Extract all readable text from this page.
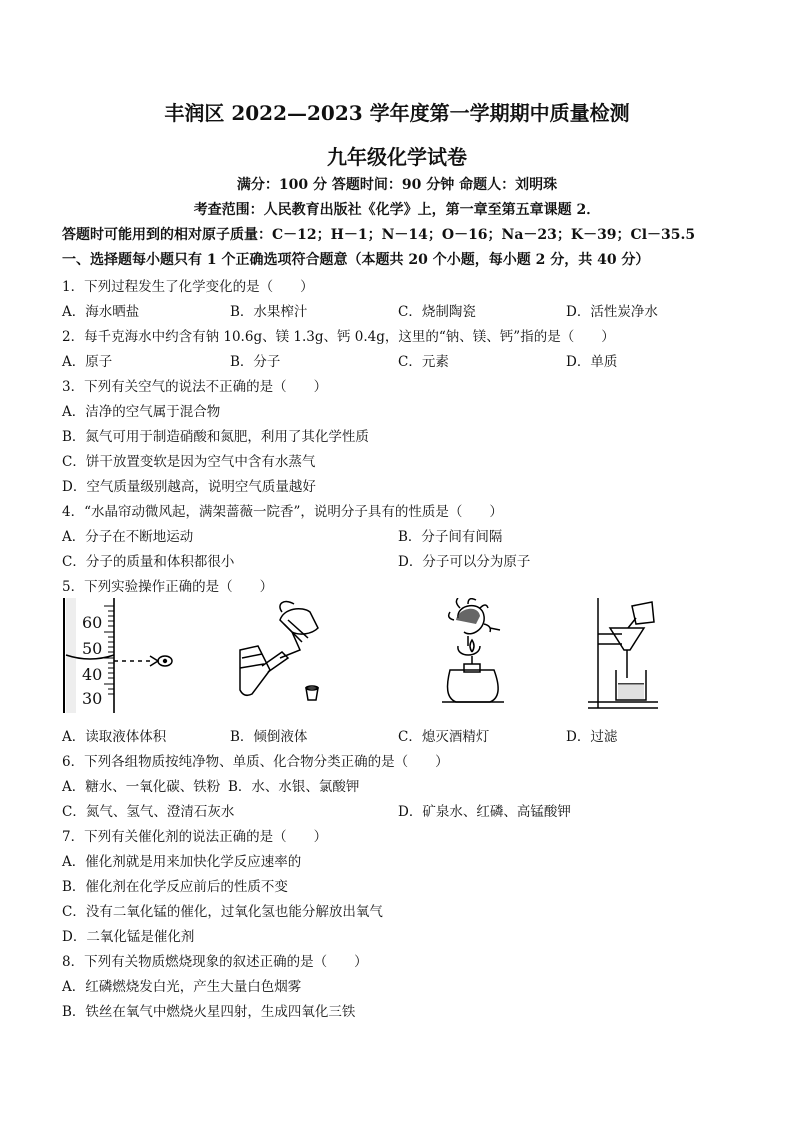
丰润区 2022—2023 学年度第一学期期中质量检测
九年级化学试卷
满分：100 分 答题时间：90 分钟 命题人：刘明珠
考查范围：人民教育出版社《化学》上，第一章至第五章课题 2．
答题时可能用到的相对原子质量：C－12；H－1；N－14；O－16；Na－23；K－39；Cl－35.5
一、选择题每小题只有 1 个正确选项符合题意（本题共 20 个小题，每小题 2 分，共 40 分）
1．下列过程发生了化学变化的是（　　）
A．海水晒盐	B．水果榨汁	C．烧制陶瓷	D．活性炭净水
2．每千克海水中约含有钠 10.6g、镁 1.3g、钙 0.4g，这里的“钠、镁、钙”指的是（　　）
A．原子	B．分子	C．元素	D．单质
3．下列有关空气的说法不正确的是（　　）
A．洁净的空气属于混合物
B．氮气可用于制造硝酸和氮肥，利用了其化学性质
C．饼干放置变软是因为空气中含有水蒸气
D．空气质量级别越高，说明空气质量越好
4．“水晶帘动微风起，满架蔷薇一院香”，说明分子具有的性质是（　　）
A．分子在不断地运动	B．分子间有间隔
C．分子的质量和体积都很小	D．分子可以分为原子
5．下列实验操作正确的是（　　）
60
50
40
30
A．读取液体体积	B．倾倒液体	C．熄灭酒精灯	D．过滤
6．下列各组物质按纯净物、单质、化合物分类正确的是（　　）
A．糖水、一氧化碳、铁粉 B．水、水银、氯酸钾
C．氮气、氢气、澄清石灰水	D．矿泉水、红磷、高锰酸钾
7．下列有关催化剂的说法正确的是（　　）
A．催化剂就是用来加快化学反应速率的
B．催化剂在化学反应前后的性质不变
C．没有二氧化锰的催化，过氧化氢也能分解放出氧气
D．二氧化锰是催化剂
8．下列有关物质燃烧现象的叙述正确的是（　　）
A．红磷燃烧发白光，产生大量白色烟雾
B．铁丝在氧气中燃烧火星四射，生成四氧化三铁
